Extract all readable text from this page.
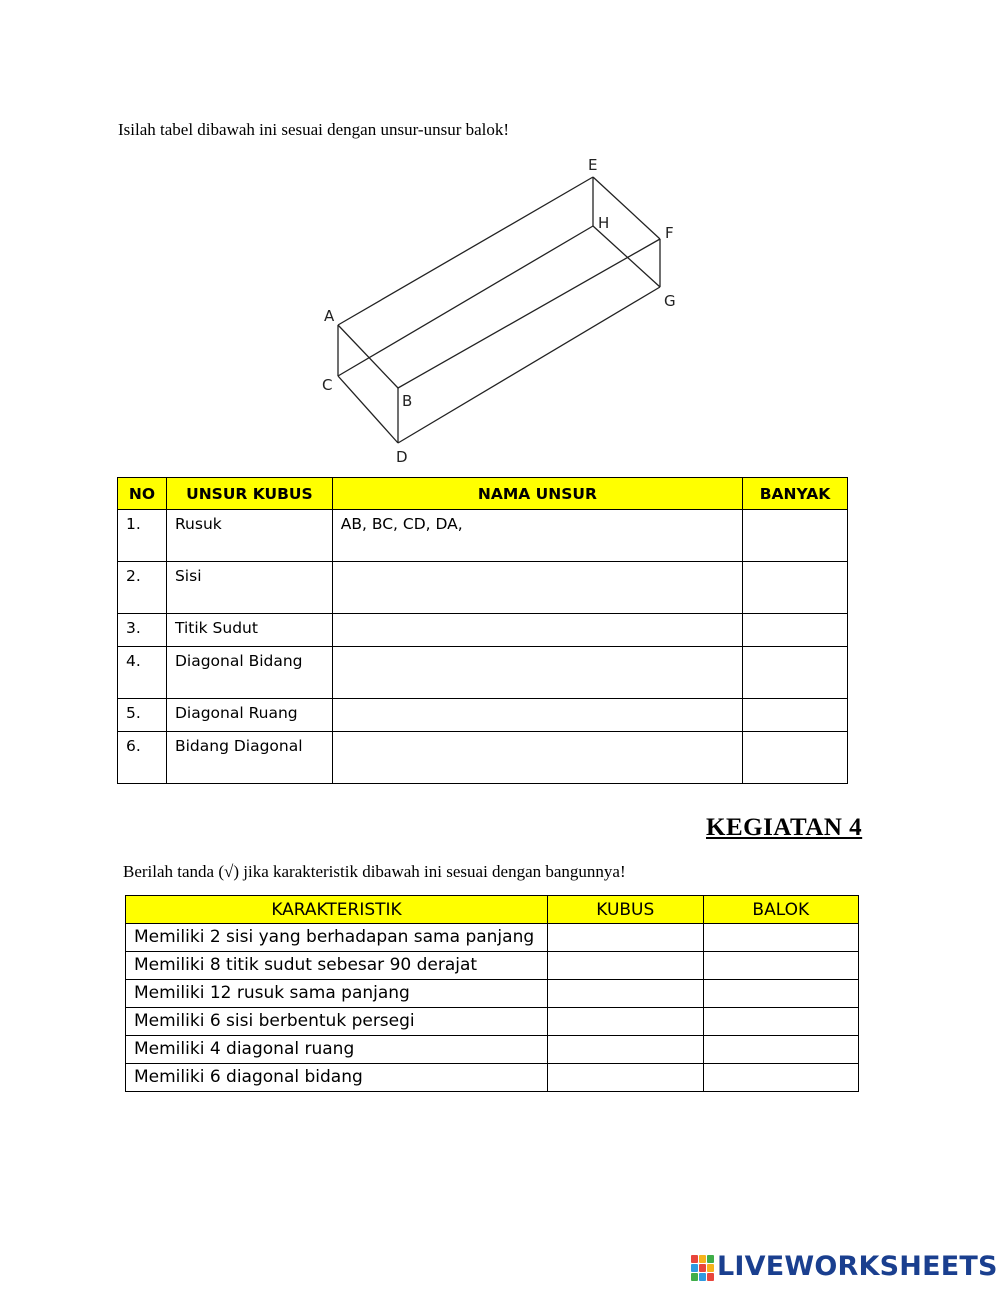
Isilah tabel dibawah ini sesuai dengan unsur-unsur balok!
A
B
C
D
E
F
G
H
NO	UNSUR KUBUS	NAMA UNSUR	BANYAK
1.	Rusuk	AB, BC, CD, DA,	
2.	Sisi		
3.	Titik Sudut		
4.	Diagonal Bidang		
5.	Diagonal Ruang		
6.	Bidang Diagonal		
KEGIATAN 4
Berilah tanda (√) jika karakteristik dibawah ini sesuai dengan bangunnya!
KARAKTERISTIK	KUBUS	BALOK
Memiliki 2 sisi yang berhadapan sama panjang		
Memiliki 8 titik sudut sebesar 90 derajat		
Memiliki 12 rusuk sama panjang		
Memiliki 6 sisi berbentuk persegi		
Memiliki 4 diagonal ruang		
Memiliki 6 diagonal bidang		
LIVEWORKSHEETS
